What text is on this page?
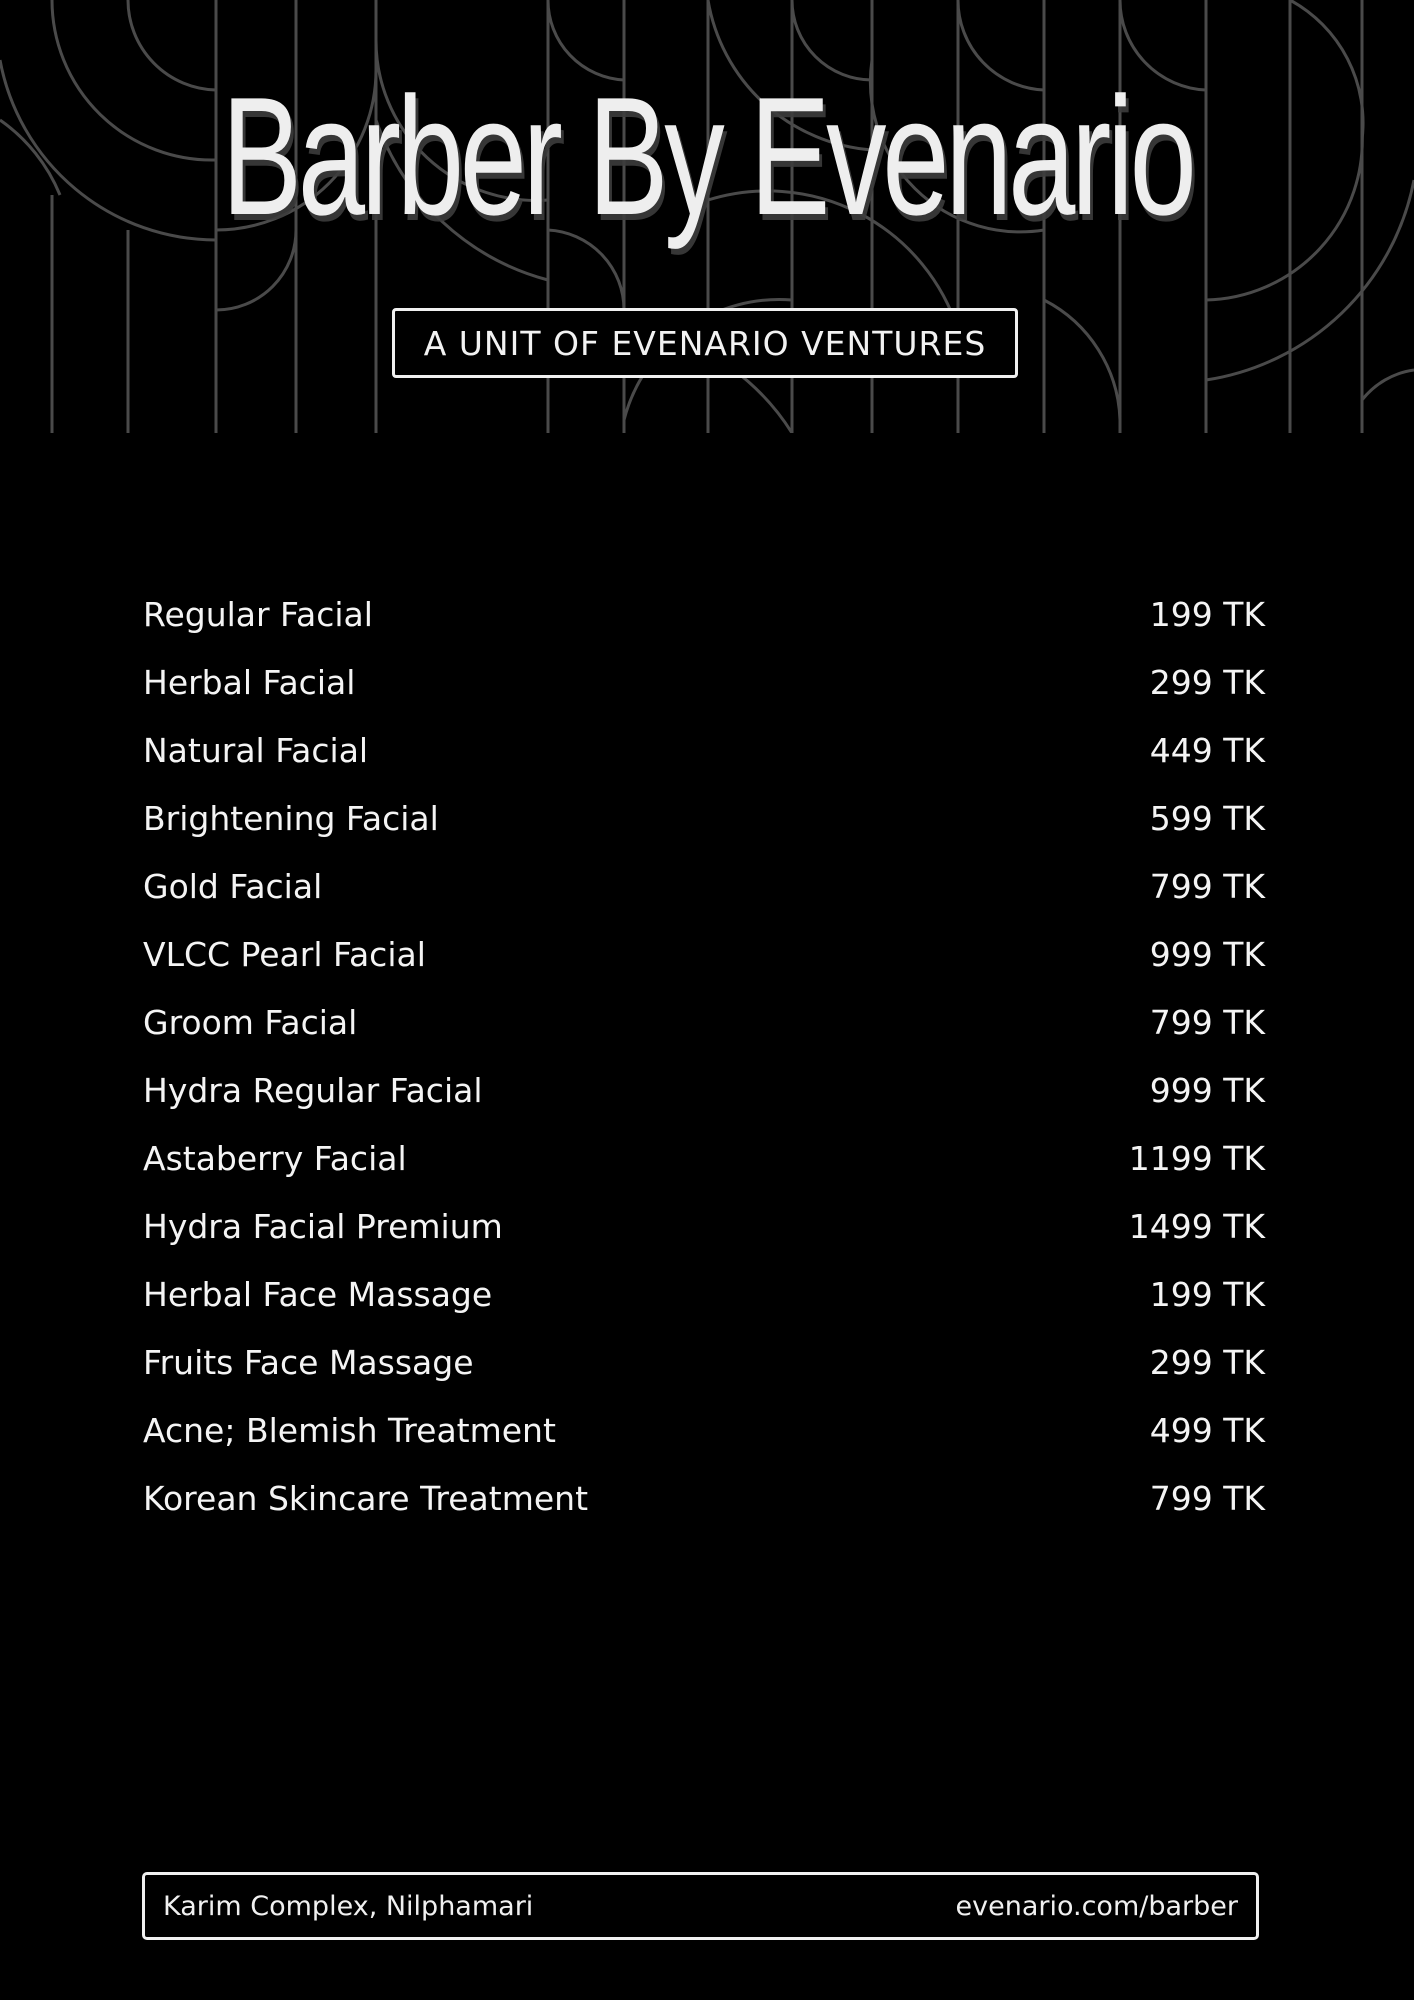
Barber By Evenario
A UNIT OF EVENARIO VENTURES
Regular Facial	199 TK
Herbal Facial	299 TK
Natural Facial	449 TK
Brightening Facial	599 TK
Gold Facial	799 TK
VLCC Pearl Facial	999 TK
Groom Facial	799 TK
Hydra Regular Facial	999 TK
Astaberry Facial	1199 TK
Hydra Facial Premium	1499 TK
Herbal Face Massage	199 TK
Fruits Face Massage	299 TK
Acne; Blemish Treatment	499 TK
Korean Skincare Treatment	799 TK
Karim Complex, Nilphamari	evenario.com/barber
